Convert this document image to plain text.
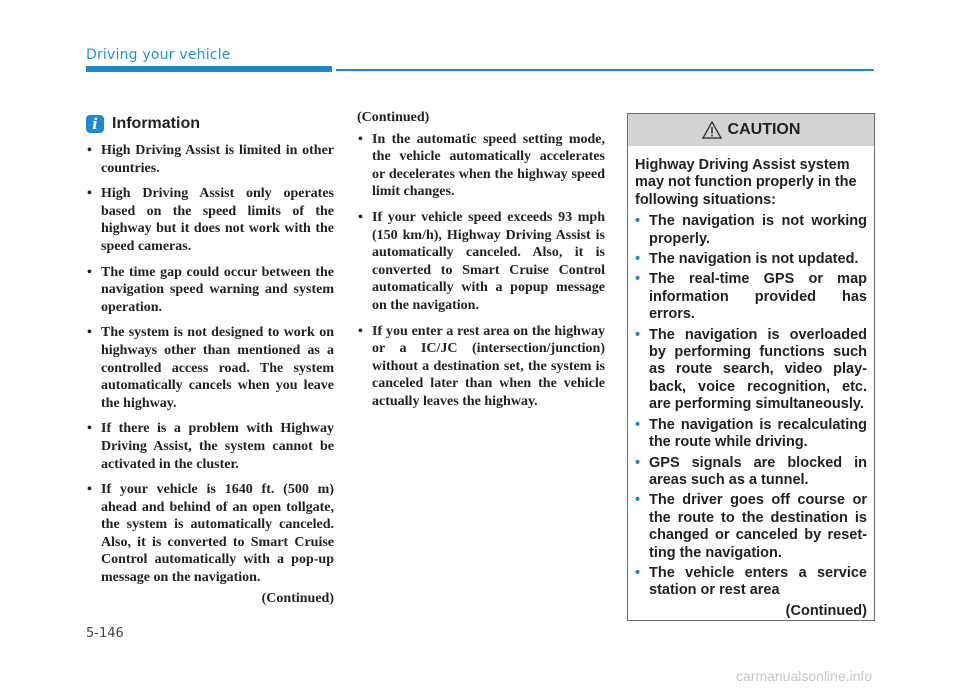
Driving your vehicle
i Information
• High Driving Assist is limited in other countries.
• High Driving Assist only operates based on the speed limits of the highway but it does not work with the speed cameras.
• The time gap could occur between the navigation speed warning and system operation.
• The system is not designed to work on highways other than mentioned as a controlled access road. The system automatically cancels when you leave the highway.
• If there is a problem with Highway Driving Assist, the system cannot be activated in the cluster.
• If your vehicle is 1640 ft. (500 m) ahead and behind of an open tollgate, the system is automatically canceled. Also, it is converted to Smart Cruise Control automatically with a pop-up message on the navigation.
(Continued)
(Continued)
• In the automatic speed setting mode, the vehicle automatically accelerates or decelerates when the highway speed limit changes.
• If your vehicle speed exceeds 93 mph (150 km/h), Highway Driving Assist is automatically canceled. Also, it is converted to Smart Cruise Control automatically with a popup message on the navigation.
• If you enter a rest area on the highway or a IC/JC (intersection/junction) without a destination set, the system is canceled later than when the vehicle actually leaves the highway.
CAUTION
Highway Driving Assist system may not function properly in the following situations:
• The navigation is not working properly.
• The navigation is not updated.
• The real-time GPS or map information provided has errors.
• The navigation is overloaded by performing functions such as route search, video playback, voice recognition, etc. are performing simultaneously.
• The navigation is recalculating the route while driving.
• GPS signals are blocked in areas such as a tunnel.
• The driver goes off course or the route to the destination is changed or canceled by resetting the navigation.
• The vehicle enters a service station or rest area
(Continued)
5-146
carmanualsonline.info
